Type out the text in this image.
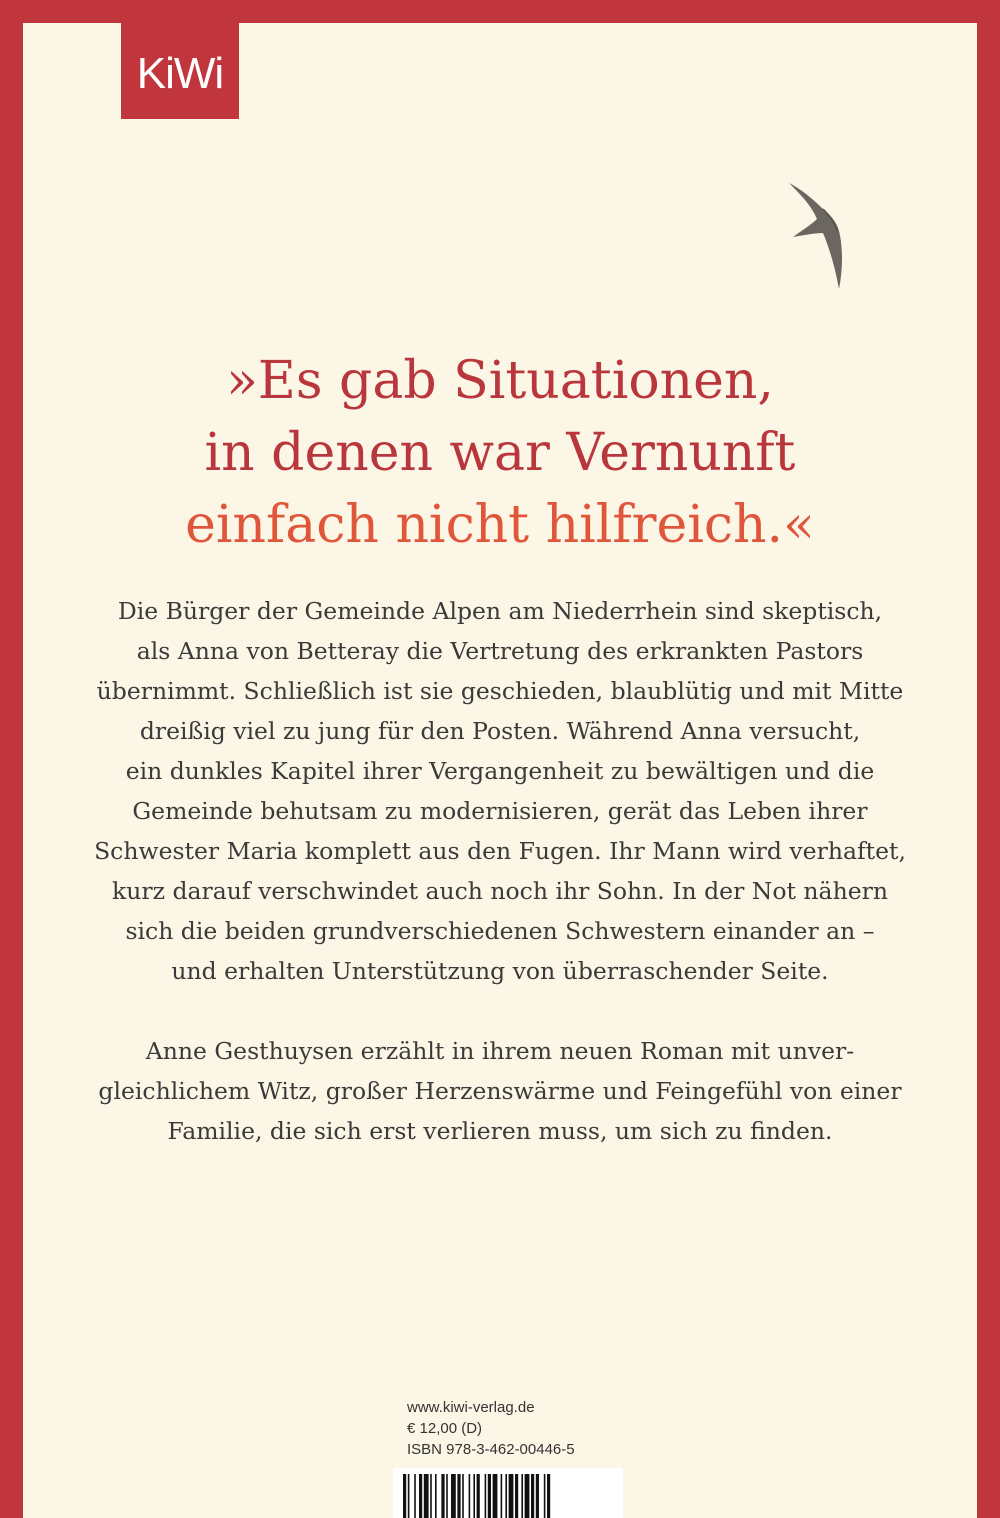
KiWi
»Es gab Situationen,
in denen war Vernunft
einfach nicht hilfreich.«

Die Bürger der Gemeinde Alpen am Niederrhein sind skeptisch,
als Anna von Betteray die Vertretung des erkrankten Pastors
übernimmt. Schließlich ist sie geschieden, blaublütig und mit Mitte
dreißig viel zu jung für den Posten. Während Anna versucht,
ein dunkles Kapitel ihrer Vergangenheit zu bewältigen und die
Gemeinde behutsam zu modernisieren, gerät das Leben ihrer
Schwester Maria komplett aus den Fugen. Ihr Mann wird verhaftet,
kurz darauf verschwindet auch noch ihr Sohn. In der Not nähern
sich die beiden grundverschiedenen Schwestern einander an –
und erhalten Unterstützung von überraschender Seite.

Anne Gesthuysen erzählt in ihrem neuen Roman mit unver-
gleichlichem Witz, großer Herzenswärme und Feingefühl von einer
Familie, die sich erst verlieren muss, um sich zu finden.

www.kiwi-verlag.de
€ 12,00 (D)
ISBN 978-3-462-00446-5
